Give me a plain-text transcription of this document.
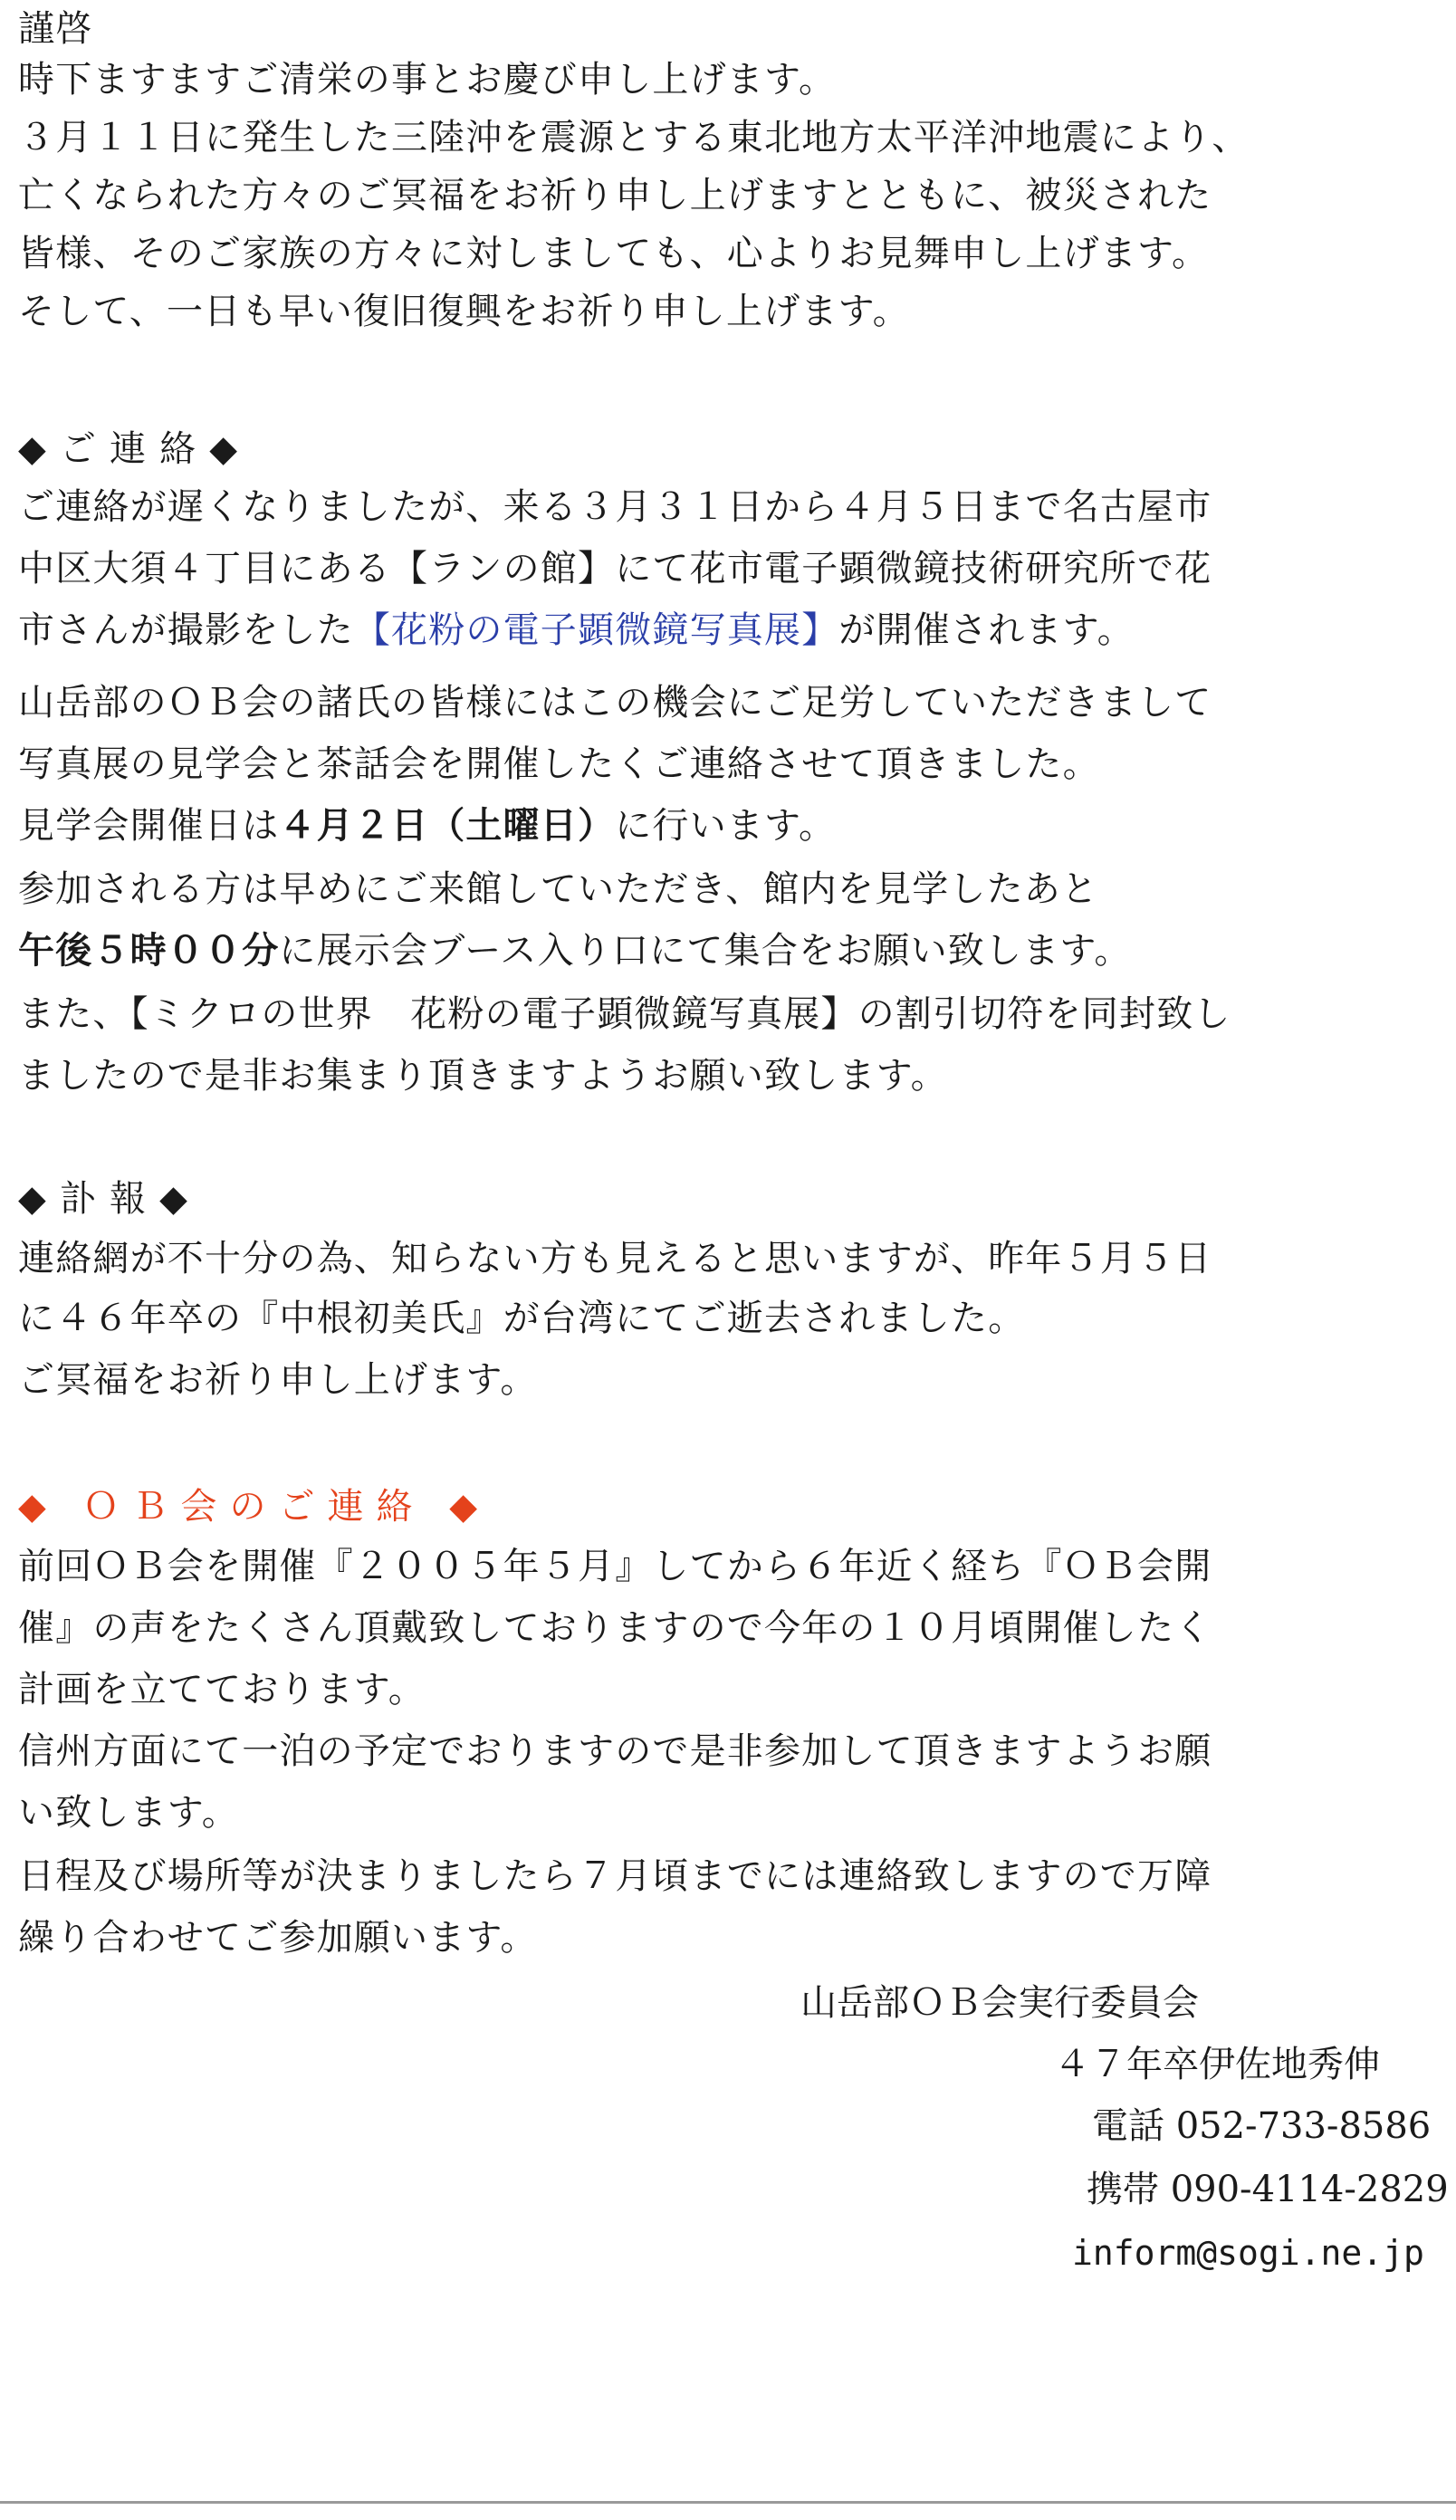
謹啓
時下ますますご清栄の事とお慶び申し上げます。
３月１１日に発生した三陸沖を震源とする東北地方太平洋沖地震により、
亡くなられた方々のご冥福をお祈り申し上げますとともに、被災された
皆様、そのご家族の方々に対しましても、心よりお見舞申し上げます。
そして、一日も早い復旧復興をお祈り申し上げます。
◆ ご 連 絡 ◆
ご連絡が遅くなりましたが、来る３月３１日から４月５日まで名古屋市
中区大須４丁目にある【ランの館】にて花市電子顕微鏡技術研究所で花
市さんが撮影をした【花粉の電子顕微鏡写真展】が開催されます。
山岳部のＯＢ会の諸氏の皆様にはこの機会にご足労していただきまして
写真展の見学会と茶話会を開催したくご連絡させて頂きました。
見学会開催日は４月２日（土曜日）に行います。
参加される方は早めにご来館していただき、館内を見学したあと
午後５時００分に展示会ブース入り口にて集合をお願い致します。
また、【ミクロの世界　花粉の電子顕微鏡写真展】の割引切符を同封致し
ましたので是非お集まり頂きますようお願い致します。
◆ 訃 報 ◆
連絡網が不十分の為、知らない方も見えると思いますが、昨年５月５日
に４６年卒の『中根初美氏』が台湾にてご逝去されました。
ご冥福をお祈り申し上げます。
◆ ＯＢ会のご連絡 ◆
前回ＯＢ会を開催『２００５年５月』してから６年近く経ち『ＯＢ会開
催』の声をたくさん頂戴致しておりますので今年の１０月頃開催したく
計画を立てております。
信州方面にて一泊の予定でおりますので是非参加して頂きますようお願
い致します。
日程及び場所等が決まりましたら７月頃までには連絡致しますので万障
繰り合わせてご参加願います。
山岳部ＯＢ会実行委員会
４７年卒伊佐地秀伸
電話 052-733-8586
携帯 090-4114-2829
inform@sogi.ne.jp
